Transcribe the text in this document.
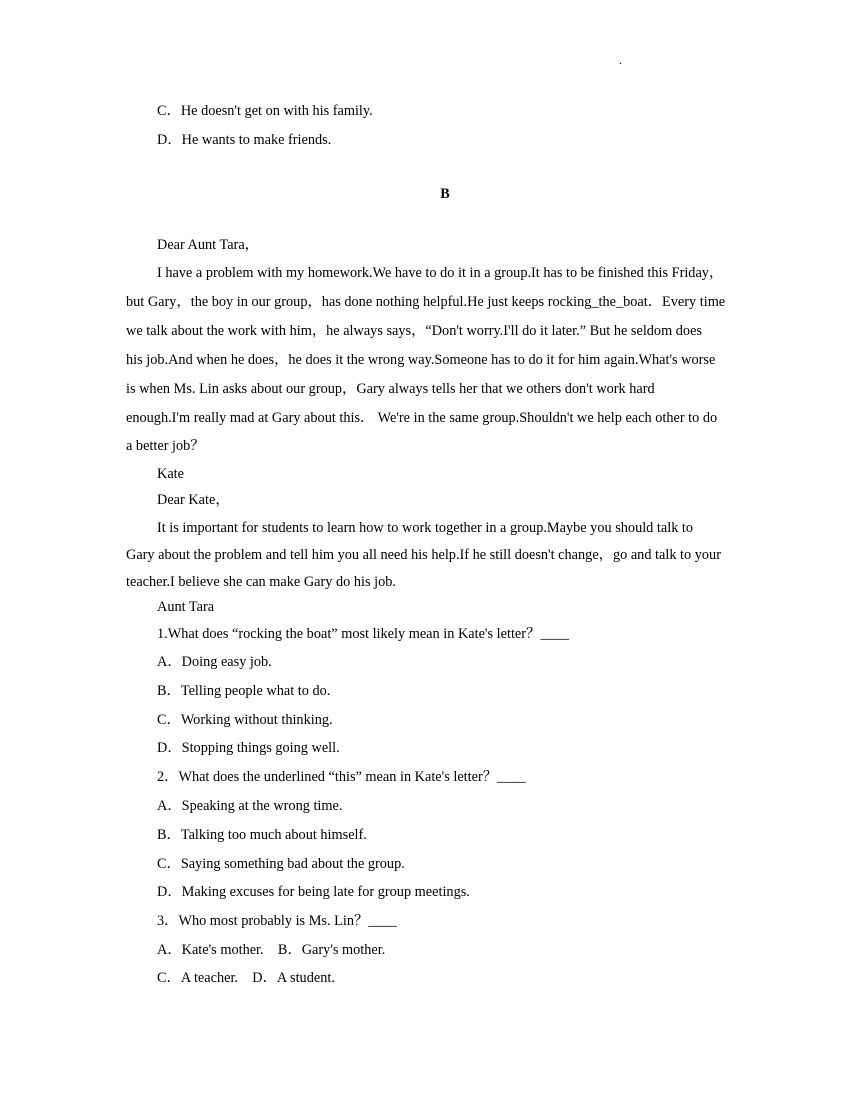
.
C．He doesn't get on with his family.
D．He wants to make friends.
B
Dear Aunt Tara，
I have a problem with my homework.We have to do it in a group.It has to be finished this Friday，
but Gary，the boy in our group，has done nothing helpful.He just keeps rocking_the_boat．Every time
we talk about the work with him，he always says，“Don't worry.I'll do it later.” But he seldom does
his job.And when he does，he does it the wrong way.Someone has to do it for him again.What's worse
is when Ms. Lin asks about our group，Gary always tells her that we others don't work hard
enough.I'm really mad at Gary about this． We're in the same group.Shouldn't we help each other to do
a better job？
Kate
Dear Kate，
It is important for students to learn how to work together in a group.Maybe you should talk to
Gary about the problem and tell him you all need his help.If he still doesn't change，go and talk to your
teacher.I believe she can make Gary do his job.
Aunt Tara
1.What does “rocking the boat” most likely mean in Kate's letter？____
A．Doing easy job.
B．Telling people what to do.
C．Working without thinking.
D．Stopping things going well.
2．What does the underlined “this” mean in Kate's letter？____
A．Speaking at the wrong time.
B．Talking too much about himself.
C．Saying something bad about the group.
D．Making excuses for being late for group meetings.
3．Who most probably is Ms. Lin？____
A．Kate's mother.　B．Gary's mother.
C．A teacher.　D．A student.
